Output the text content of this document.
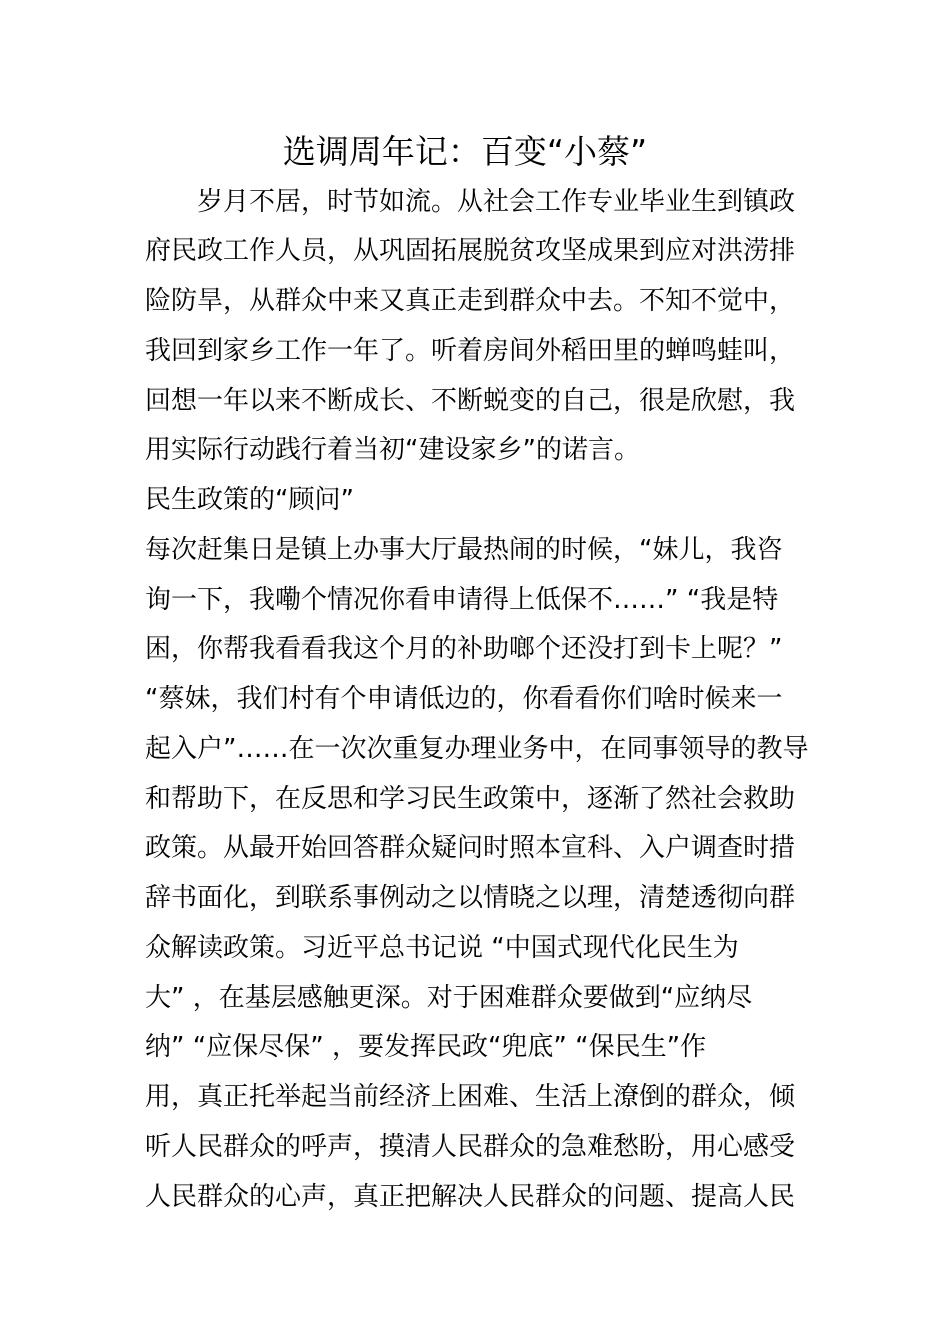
选调周年记：百变“小蔡”
　　岁月不居，时节如流。从社会工作专业毕业生到镇政
府民政工作人员，从巩固拓展脱贫攻坚成果到应对洪涝排
险防旱，从群众中来又真正走到群众中去。不知不觉中，
我回到家乡工作一年了。听着房间外稻田里的蝉鸣蛙叫，
回想一年以来不断成长、不断蜕变的自己，很是欣慰，我
用实际行动践行着当初“建设家乡”的诺言。
民生政策的“顾问”
每次赶集日是镇上办事大厅最热闹的时候，“妹儿，我咨
询一下，我嘞个情况你看申请得上低保不……” “我是特
困，你帮我看看我这个月的补助啷个还没打到卡上呢？”
“蔡妹，我们村有个申请低边的，你看看你们啥时候来一
起入户”……在一次次重复办理业务中，在同事领导的教导
和帮助下，在反思和学习民生政策中，逐渐了然社会救助
政策。从最开始回答群众疑问时照本宣科、入户调查时措
辞书面化，到联系事例动之以情晓之以理，清楚透彻向群
众解读政策。习近平总书记说 “中国式现代化民生为
大” ，在基层感触更深。对于困难群众要做到“应纳尽
纳” “应保尽保” ，要发挥民政“兜底” “保民生”作
用，真正托举起当前经济上困难、生活上潦倒的群众，倾
听人民群众的呼声，摸清人民群众的急难愁盼，用心感受
人民群众的心声，真正把解决人民群众的问题、提高人民
